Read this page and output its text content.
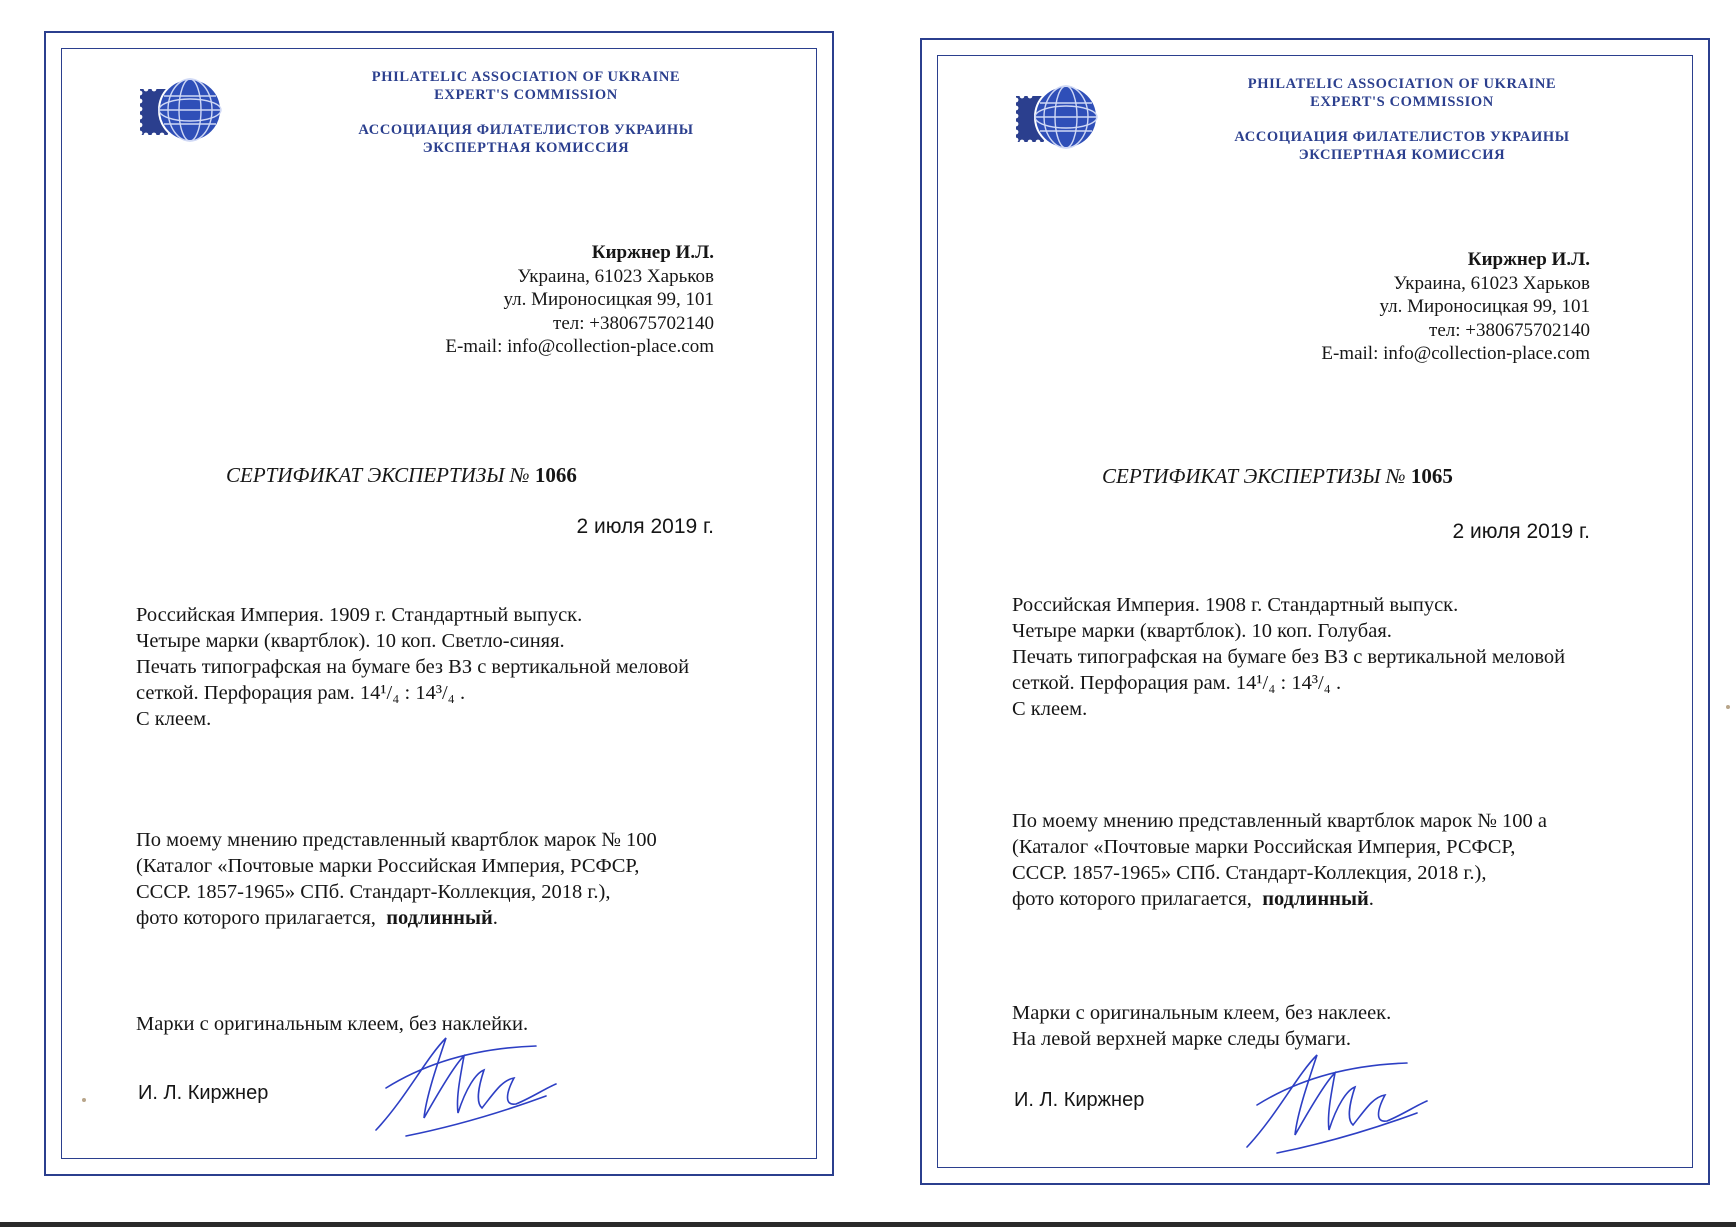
PHILATELIC ASSOCIATION OF UKRAINE
EXPERT'S COMMISSION
АССОЦИАЦИЯ ФИЛАТЕЛИСТОВ УКРАИНЫ
ЭКСПЕРТНАЯ КОМИССИЯ
Киржнер И.Л.
Украина, 61023 Харьков
ул. Мироносицкая 99, 101
тел: +380675702140
E-mail: info@collection-place.com
СЕРТИФИКАТ ЭКСПЕРТИЗЫ № 1066

2 июля 2019 г.

Российская Империя. 1909 г. Стандартный выпуск.
Четыре марки (квартблок). 10 коп. Светло-синяя.
Печать типографская на бумаге без ВЗ с вертикальной меловой
сеткой. Перфорация рам. 14¹/₄ : 14³/₄ .
С клеем.

По моему мнению представленный квартблок марок № 100
(Каталог «Почтовые марки Российская Империя, РСФСР,
СССР. 1857-1965» СПб. Стандарт-Коллекция, 2018 г.),
фото которого прилагается, подлинный.

Марки с оригинальным клеем, без наклейки.

И. Л. Киржнер

PHILATELIC ASSOCIATION OF UKRAINE
EXPERT'S COMMISSION
АССОЦИАЦИЯ ФИЛАТЕЛИСТОВ УКРАИНЫ
ЭКСПЕРТНАЯ КОМИССИЯ
Киржнер И.Л.
Украина, 61023 Харьков
ул. Мироносицкая 99, 101
тел: +380675702140
E-mail: info@collection-place.com
СЕРТИФИКАТ ЭКСПЕРТИЗЫ № 1065

2 июля 2019 г.

Российская Империя. 1908 г. Стандартный выпуск.
Четыре марки (квартблок). 10 коп. Голубая.
Печать типографская на бумаге без ВЗ с вертикальной меловой
сеткой. Перфорация рам. 14¹/₄ : 14³/₄ .
С клеем.

По моему мнению представленный квартблок марок № 100 а
(Каталог «Почтовые марки Российская Империя, РСФСР,
СССР. 1857-1965» СПб. Стандарт-Коллекция, 2018 г.),
фото которого прилагается, подлинный.

Марки с оригинальным клеем, без наклеек.
На левой верхней марке следы бумаги.

И. Л. Киржнер
